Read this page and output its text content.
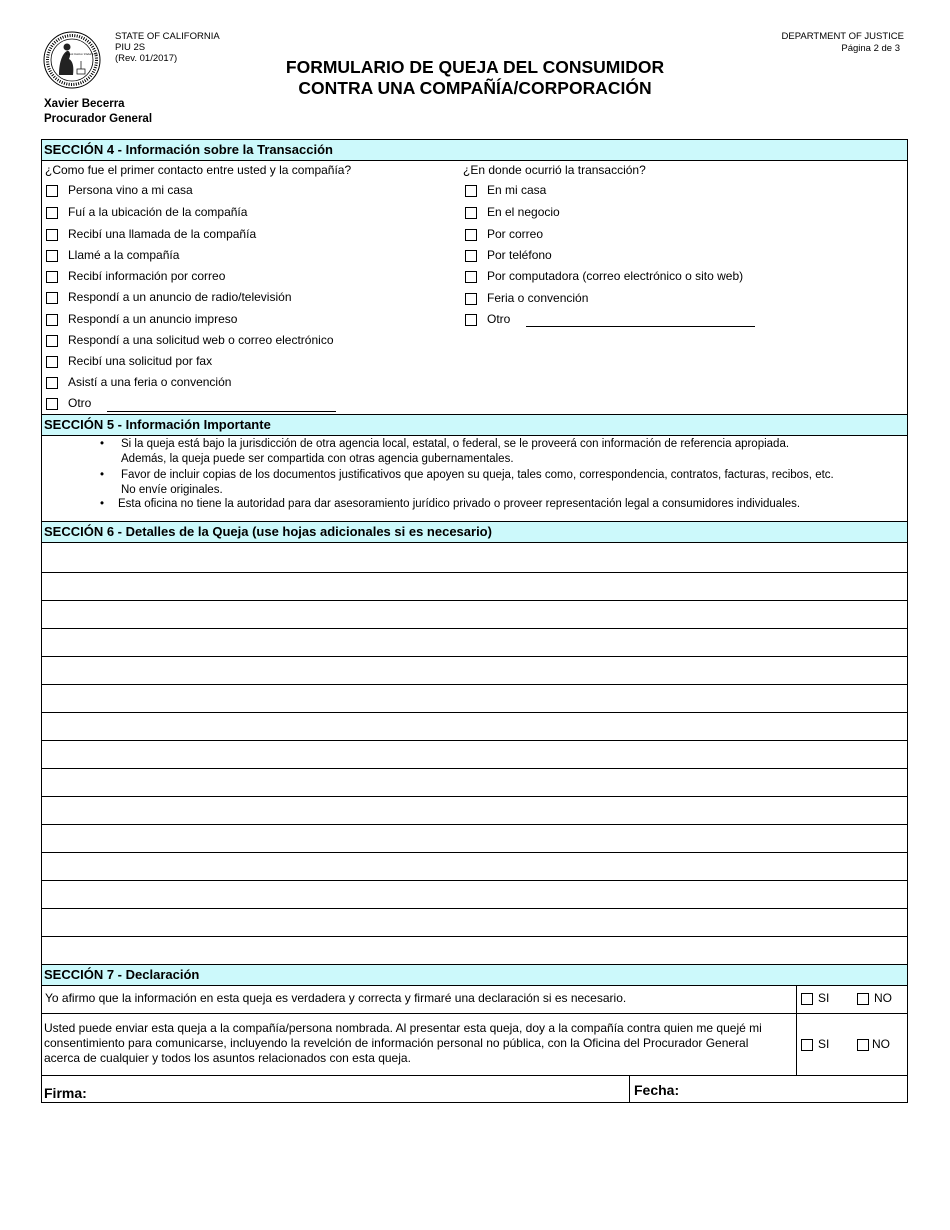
Equal Justice Under Law
STATE OF CALIFORNIA
PIU 2S
(Rev. 01/2017)
DEPARTMENT OF JUSTICE
Página 2 de 3
FORMULARIO DE QUEJA DEL CONSUMIDOR
CONTRA UNA COMPAÑÍA/CORPORACIÓN
Xavier Becerra
Procurador General
SECCIÓN 4 - Información sobre la Transacción
¿Como fue el primer contacto entre usted y la compañía?	¿En donde ocurrió la transacción?
Persona vino a mi casa
Fuí a la ubicación de la compañía
Recibí una llamada de la compañía
Llamé a la compañía
Recibí información por correo
Respondí a un anuncio de radio/televisión
Respondí a un anuncio impreso
Respondí a una solicitud web o correo electrónico
Recibí una solicitud por fax
Asistí a una feria o convención
Otro
En mi casa
En el negocio
Por correo
Por teléfono
Por computadora (correo electrónico o sito web)
Feria o convención
Otro
SECCIÓN 5 - Información Importante
• Si la queja está bajo la jurisdicción de otra agencia local, estatal, o federal, se le proveerá con información de referencia apropiada.
Además, la queja puede ser compartida con otras agencia gubernamentales.
• Favor de incluir copias de los documentos justificativos que apoyen su queja, tales como, correspondencia, contratos, facturas, recibos, etc.
No envíe originales.
• Esta oficina no tiene la autoridad para dar asesoramiento jurídico privado o proveer representación legal a consumidores individuales.
SECCIÓN 6 - Detalles de la Queja (use hojas adicionales si es necesario)
SECCIÓN 7 - Declaración
Yo afirmo que la información en esta queja es verdadera y correcta y firmaré una declaración si es necesario.	SI	NO
Usted puede enviar esta queja a la compañía/persona nombrada. Al presentar esta queja, doy a la compañía contra quien me quejé mi
consentimiento para comunicarse, incluyendo la revelción de información personal no pública, con la Oficina del Procurador General
acerca de cualquier y todos los asuntos relacionados con esta queja.
SI	NO
Firma:	Fecha:
